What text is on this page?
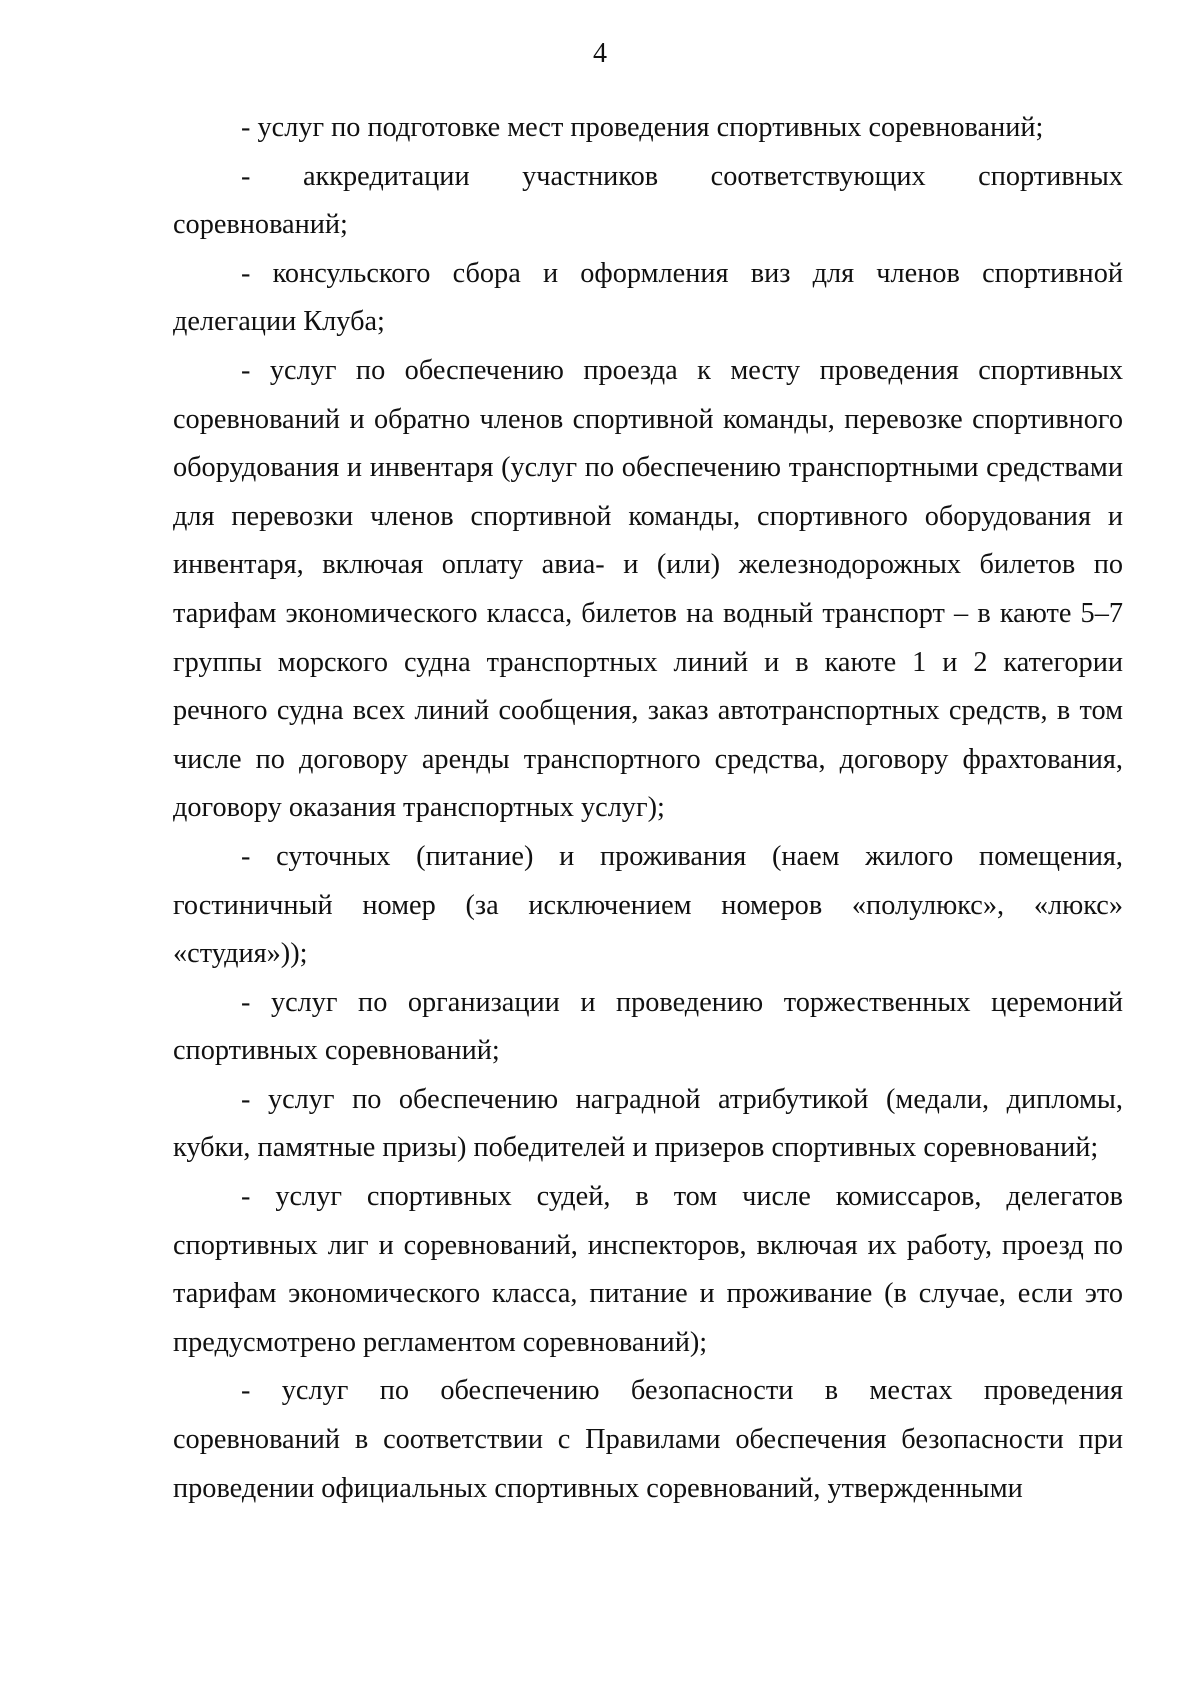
4

- услуг по подготовке мест проведения спортивных соревнований;

- аккредитации участников соответствующих спортивных соревнований;

- консульского сбора и оформления виз для членов спортивной делегации Клуба;

- услуг по обеспечению проезда к месту проведения спортивных соревнований и обратно членов спортивной команды, перевозке спортивного оборудования и инвентаря (услуг по обеспечению транспортными средствами для перевозки членов спортивной команды, спортивного оборудования и инвентаря, включая оплату авиа- и (или) железнодорожных билетов по тарифам экономического класса, билетов на водный транспорт – в каюте 5–7 группы морского судна транспортных линий и в каюте 1 и 2 категории речного судна всех линий сообщения, заказ автотранспортных средств, в том числе по договору аренды транспортного средства, договору фрахтования, договору оказания транспортных услуг);

- суточных (питание) и проживания (наем жилого помещения, гостиничный номер (за исключением номеров «полулюкс», «люкс» «студия»));

- услуг по организации и проведению торжественных церемоний спортивных соревнований;

- услуг по обеспечению наградной атрибутикой (медали, дипломы, кубки, памятные призы) победителей и призеров спортивных соревнований;

- услуг спортивных судей, в том числе комиссаров, делегатов спортивных лиг и соревнований, инспекторов, включая их работу, проезд по тарифам экономического класса, питание и проживание (в случае, если это предусмотрено регламентом соревнований);

- услуг по обеспечению безопасности в местах проведения соревнований в соответствии с Правилами обеспечения безопасности при проведении официальных спортивных соревнований, утвержденными
